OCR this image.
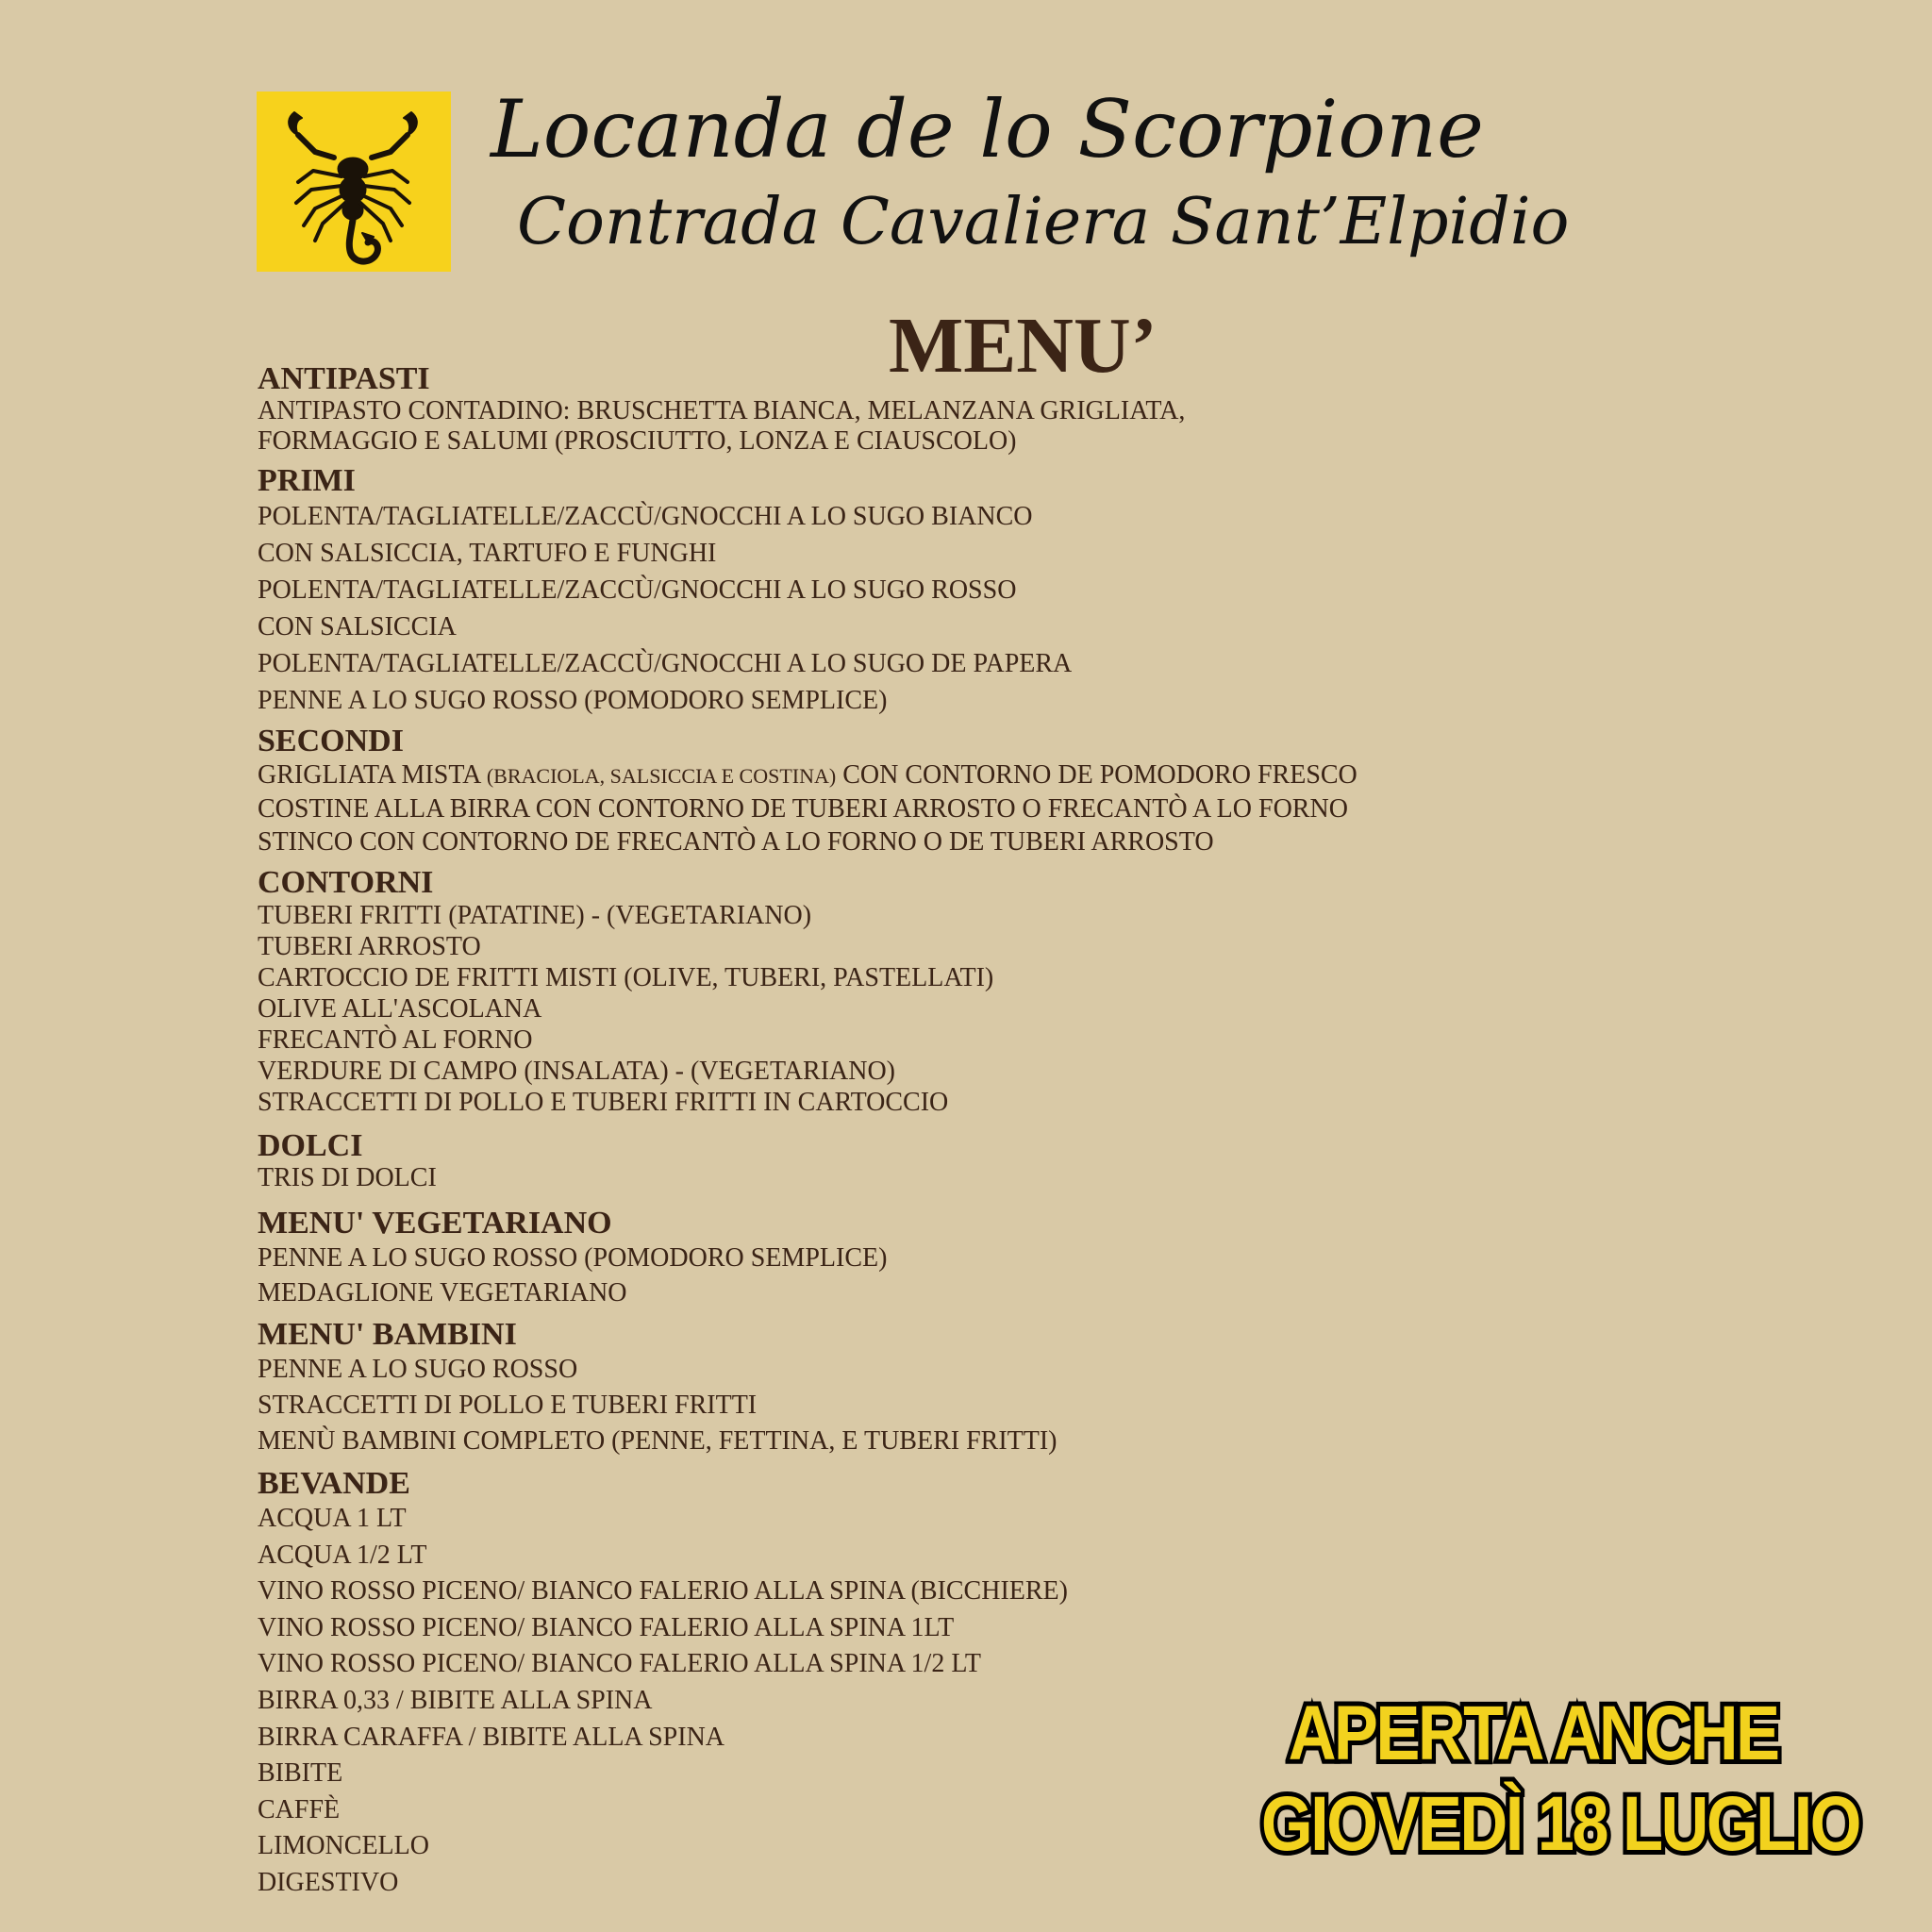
Locanda de lo Scorpione
Contrada Cavaliera Sant’Elpidio
MENU’
ANTIPASTI
ANTIPASTO CONTADINO: BRUSCHETTA BIANCA, MELANZANA GRIGLIATA,
FORMAGGIO E SALUMI (PROSCIUTTO, LONZA E CIAUSCOLO)
PRIMI
POLENTA/TAGLIATELLE/ZACCÙ/GNOCCHI A LO SUGO BIANCO
CON SALSICCIA, TARTUFO E FUNGHI
POLENTA/TAGLIATELLE/ZACCÙ/GNOCCHI A LO SUGO ROSSO
CON SALSICCIA
POLENTA/TAGLIATELLE/ZACCÙ/GNOCCHI A LO SUGO DE PAPERA
PENNE A LO SUGO ROSSO (POMODORO SEMPLICE)
SECONDI
GRIGLIATA MISTA (BRACIOLA, SALSICCIA E COSTINA) CON CONTORNO DE POMODORO FRESCO
COSTINE ALLA BIRRA CON CONTORNO DE TUBERI ARROSTO O FRECANTÒ A LO FORNO
STINCO CON CONTORNO DE FRECANTÒ A LO FORNO O DE TUBERI ARROSTO
CONTORNI
TUBERI FRITTI (PATATINE) - (VEGETARIANO)
TUBERI ARROSTO
CARTOCCIO DE FRITTI MISTI (OLIVE, TUBERI, PASTELLATI)
OLIVE ALL'ASCOLANA
FRECANTÒ AL FORNO
VERDURE DI CAMPO (INSALATA) - (VEGETARIANO)
STRACCETTI DI POLLO E TUBERI FRITTI IN CARTOCCIO
DOLCI
TRIS DI DOLCI
MENU' VEGETARIANO
PENNE A LO SUGO ROSSO (POMODORO SEMPLICE)
MEDAGLIONE VEGETARIANO
MENU' BAMBINI
PENNE A LO SUGO ROSSO
STRACCETTI DI POLLO E TUBERI FRITTI
MENÙ BAMBINI COMPLETO (PENNE, FETTINA, E TUBERI FRITTI)
BEVANDE
ACQUA 1 LT
ACQUA 1/2 LT
VINO ROSSO PICENO/ BIANCO FALERIO ALLA SPINA (BICCHIERE)
VINO ROSSO PICENO/ BIANCO FALERIO ALLA SPINA 1LT
VINO ROSSO PICENO/ BIANCO FALERIO ALLA SPINA 1/2 LT
BIRRA 0,33 / BIBITE ALLA SPINA
BIRRA CARAFFA / BIBITE ALLA SPINA
BIBITE
CAFFÈ
LIMONCELLO
DIGESTIVO
APERTA ANCHE
GIOVEDÌ 18 LUGLIO
